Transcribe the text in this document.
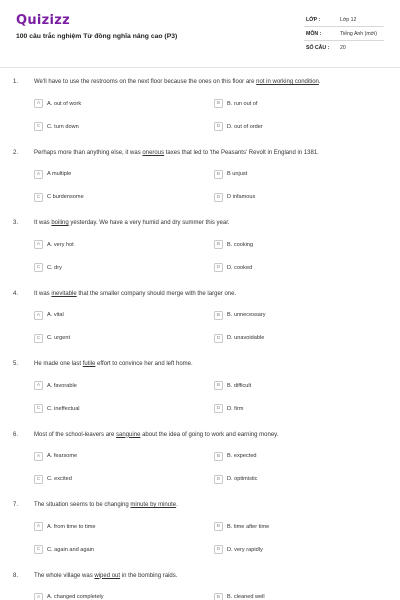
Quizizz
100 câu trắc nghiệm Từ đồng nghĩa nâng cao (P3)
LỚP :	Lớp 12
MÔN :	Tiếng Anh (mới)
SỐ CÂU : 20
1.	We'll have to use the restrooms on the next floor because the ones on this floor are not in working condition.
A	A. out of work	B	B. run out of
C	C. turn down	D	D. out of order
2.	Perhaps more than anything else, it was onerous taxes that led to 'the Peasants' Revolt in England in 1381.
A	A multiple	B	B unjust
C	C burdensome	D	D infamous
3.	It was boiling yesterday. We have a very humid and dry summer this year.
A	A. very hot	B	B. cooking
C	C. dry	D	D. cooked
4.	It was inevitable that the smaller company should merge with the larger one.
A	A. vital	B	B. unnecessary
C	C. urgent	D	D. unavoidable
5.	He made one last futile effort to convince her and left home.
A	A. favorable	B	B. difficult
C	C. ineffectual	D	D. firm
6.	Most of the school-leavers are sanguine about the idea of going to work and earning money.
A	A. fearsome	B	B. expected
C	C. excited	D	D. optimistic
7.	The situation seems to be changing minute by minute.
A	A. from time to time	B	B. time after time
C	C. again and again	D	D. very rapidly
8.	The whole village was wiped out in the bombing raids.
A	A. changed completely	B	B. cleaned well
